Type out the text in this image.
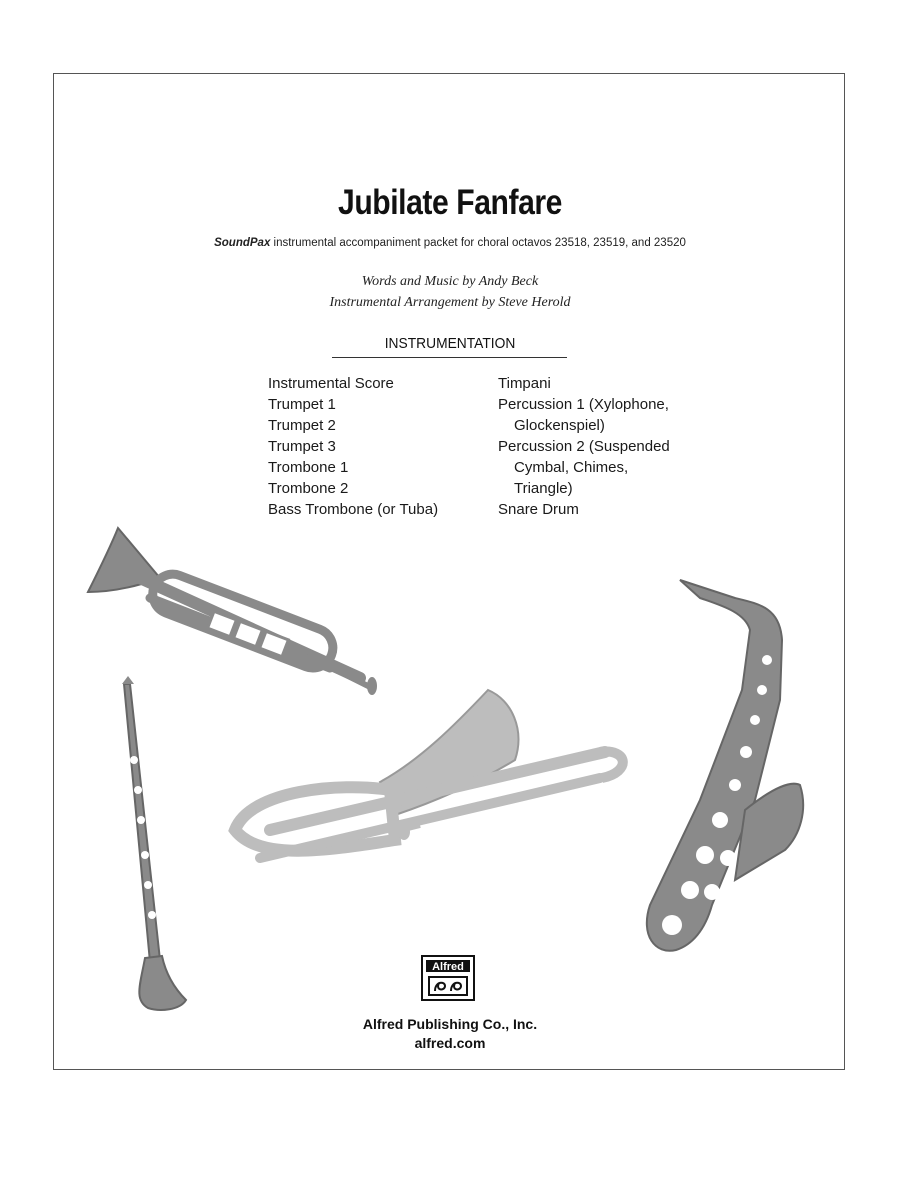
Jubilate Fanfare
SoundPax instrumental accompaniment packet for choral octavos 23518, 23519, and 23520
Words and Music by Andy Beck
Instrumental Arrangement by Steve Herold
INSTRUMENTATION
Instrumental Score
Trumpet 1
Trumpet 2
Trumpet 3
Trombone 1
Trombone 2
Bass Trombone (or Tuba)
Timpani
Percussion 1 (Xylophone,
Glockenspiel)
Percussion 2 (Suspended
Cymbal, Chimes,
Triangle)
Snare Drum
Alfred
Alfred Publishing Co., Inc.
alfred.com
